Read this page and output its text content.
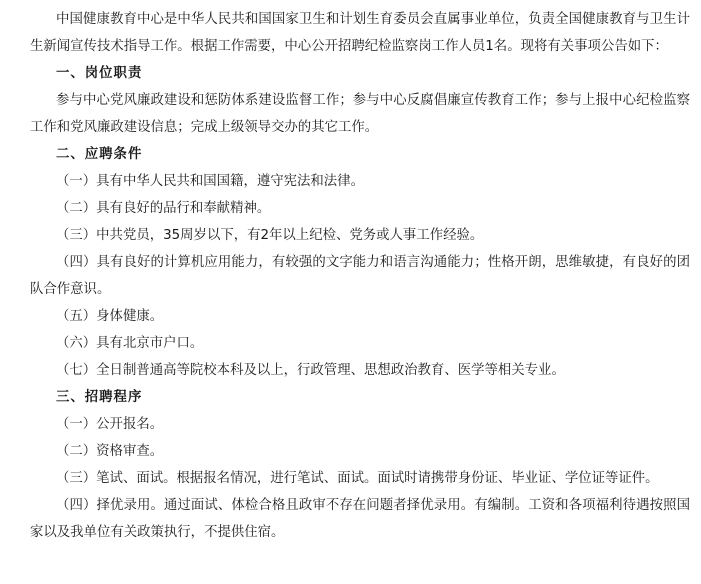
中国健康教育中心是中华人民共和国国家卫生和计划生育委员会直属事业单位，负责全国健康教育与卫生计生新闻宣传技术指导工作。根据工作需要，中心公开招聘纪检监察岗工作人员1名。现将有关事项公告如下：

一、岗位职责

参与中心党风廉政建设和惩防体系建设监督工作；参与中心反腐倡廉宣传教育工作；参与上报中心纪检监察工作和党风廉政建设信息；完成上级领导交办的其它工作。

二、应聘条件

（一）具有中华人民共和国国籍，遵守宪法和法律。

（二）具有良好的品行和奉献精神。

（三）中共党员，35周岁以下，有2年以上纪检、党务或人事工作经验。

（四）具有良好的计算机应用能力，有较强的文字能力和语言沟通能力；性格开朗，思维敏捷，有良好的团队合作意识。

（五）身体健康。

（六）具有北京市户口。

（七）全日制普通高等院校本科及以上，行政管理、思想政治教育、医学等相关专业。

三、招聘程序

（一）公开报名。

（二）资格审查。

（三）笔试、面试。根据报名情况，进行笔试、面试。面试时请携带身份证、毕业证、学位证等证件。

（四）择优录用。通过面试、体检合格且政审不存在问题者择优录用。有编制。工资和各项福利待遇按照国家以及我单位有关政策执行，不提供住宿。
